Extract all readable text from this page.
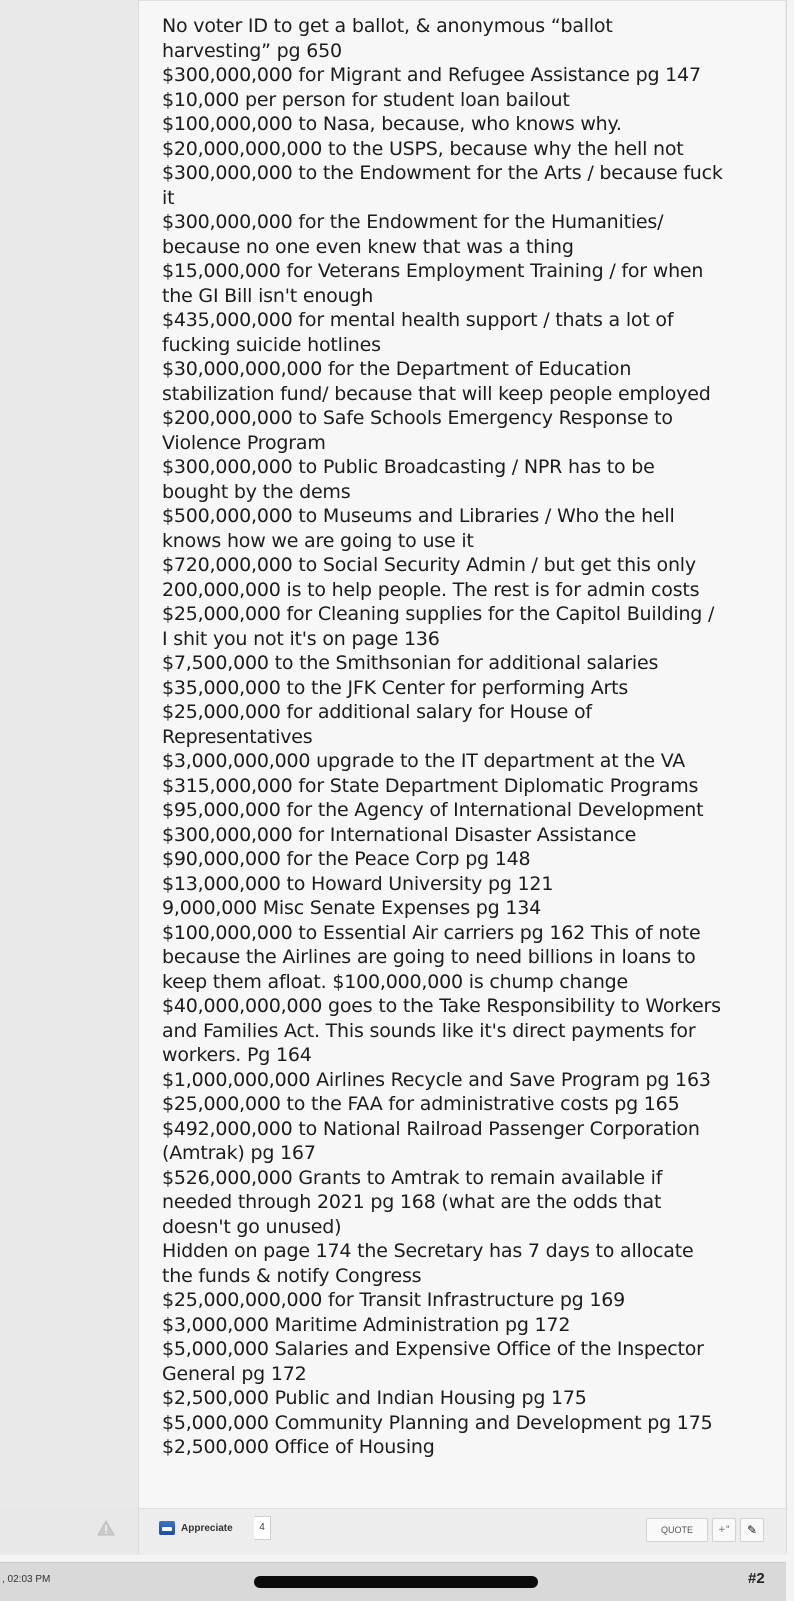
No voter ID to get a ballot, & anonymous “ballot
harvesting” pg 650
$300,000,000 for Migrant and Refugee Assistance pg 147
$10,000 per person for student loan bailout
$100,000,000 to Nasa, because, who knows why.
$20,000,000,000 to the USPS, because why the hell not
$300,000,000 to the Endowment for the Arts / because fuck
it
$300,000,000 for the Endowment for the Humanities/
because no one even knew that was a thing
$15,000,000 for Veterans Employment Training / for when
the GI Bill isn't enough
$435,000,000 for mental health support / thats a lot of
fucking suicide hotlines
$30,000,000,000 for the Department of Education
stabilization fund/ because that will keep people employed
$200,000,000 to Safe Schools Emergency Response to
Violence Program
$300,000,000 to Public Broadcasting / NPR has to be
bought by the dems
$500,000,000 to Museums and Libraries / Who the hell
knows how we are going to use it
$720,000,000 to Social Security Admin / but get this only
200,000,000 is to help people. The rest is for admin costs
$25,000,000 for Cleaning supplies for the Capitol Building /
I shit you not it's on page 136
$7,500,000 to the Smithsonian for additional salaries
$35,000,000 to the JFK Center for performing Arts
$25,000,000 for additional salary for House of
Representatives
$3,000,000,000 upgrade to the IT department at the VA
$315,000,000 for State Department Diplomatic Programs
$95,000,000 for the Agency of International Development
$300,000,000 for International Disaster Assistance
$90,000,000 for the Peace Corp pg 148
$13,000,000 to Howard University pg 121
9,000,000 Misc Senate Expenses pg 134
$100,000,000 to Essential Air carriers pg 162 This of note
because the Airlines are going to need billions in loans to
keep them afloat. $100,000,000 is chump change
$40,000,000,000 goes to the Take Responsibility to Workers
and Families Act. This sounds like it's direct payments for
workers. Pg 164
$1,000,000,000 Airlines Recycle and Save Program pg 163
$25,000,000 to the FAA for administrative costs pg 165
$492,000,000 to National Railroad Passenger Corporation
(Amtrak) pg 167
$526,000,000 Grants to Amtrak to remain available if
needed through 2021 pg 168 (what are the odds that
doesn't go unused)
Hidden on page 174 the Secretary has 7 days to allocate
the funds & notify Congress
$25,000,000,000 for Transit Infrastructure pg 169
$3,000,000 Maritime Administration pg 172
$5,000,000 Salaries and Expensive Office of the Inspector
General pg 172
$2,500,000 Public and Indian Housing pg 175
$5,000,000 Community Planning and Development pg 175
$2,500,000 Office of Housing
Appreciate	4	QUOTE	+"	✎
, 02:03 PM	#2
